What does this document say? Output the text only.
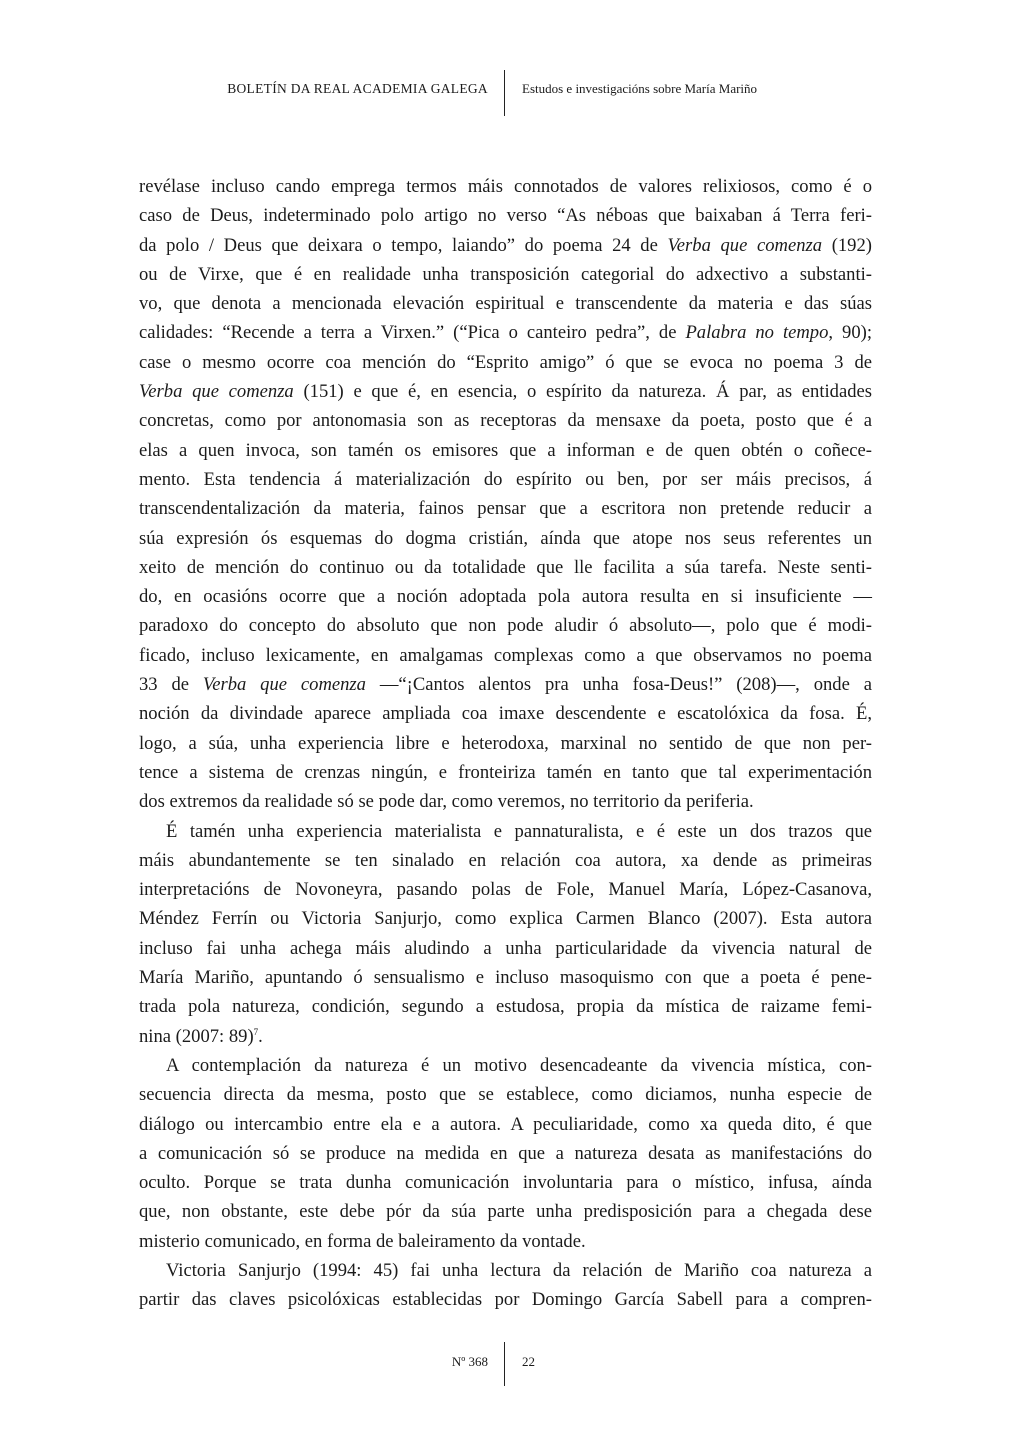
BOLETÍN DA REAL ACADEMIA GALEGA	Estudos e investigacións sobre María Mariño
revélase incluso cando emprega termos máis connotados de valores relixiosos, como é o
caso de Deus, indeterminado polo artigo no verso “As néboas que baixaban á Terra feri-
da polo / Deus que deixara o tempo, laiando” do poema 24 de Verba que comenza (192)
ou de Virxe, que é en realidade unha transposición categorial do adxectivo a substanti-
vo, que denota a mencionada elevación espiritual e transcendente da materia e das súas
calidades: “Recende a terra a Virxen.” (“Pica o canteiro pedra”, de Palabra no tempo, 90);
case o mesmo ocorre coa mención do “Esprito amigo” ó que se evoca no poema 3 de
Verba que comenza (151) e que é, en esencia, o espírito da natureza. Á par, as entidades
concretas, como por antonomasia son as receptoras da mensaxe da poeta, posto que é a
elas a quen invoca, son tamén os emisores que a informan e de quen obtén o coñece-
mento. Esta tendencia á materialización do espírito ou ben, por ser máis precisos, á
transcendentalización da materia, fainos pensar que a escritora non pretende reducir a
súa expresión ós esquemas do dogma cristián, aínda que atope nos seus referentes un
xeito de mención do continuo ou da totalidade que lle facilita a súa tarefa. Neste senti-
do, en ocasións ocorre que a noción adoptada pola autora resulta en si insuficiente —
paradoxo do concepto do absoluto que non pode aludir ó absoluto—, polo que é modi-
ficado, incluso lexicamente, en amalgamas complexas como a que observamos no poema
33 de Verba que comenza —“¡Cantos alentos pra unha fosa-Deus!” (208)—, onde a
noción da divindade aparece ampliada coa imaxe descendente e escatolóxica da fosa. É,
logo, a súa, unha experiencia libre e heterodoxa, marxinal no sentido de que non per-
tence a sistema de crenzas ningún, e fronteiriza tamén en tanto que tal experimentación
dos extremos da realidade só se pode dar, como veremos, no territorio da periferia.
É tamén unha experiencia materialista e pannaturalista, e é este un dos trazos que
máis abundantemente se ten sinalado en relación coa autora, xa dende as primeiras
interpretacións de Novoneyra, pasando polas de Fole, Manuel María, López-Casanova,
Méndez Ferrín ou Victoria Sanjurjo, como explica Carmen Blanco (2007). Esta autora
incluso fai unha achega máis aludindo a unha particularidade da vivencia natural de
María Mariño, apuntando ó sensualismo e incluso masoquismo con que a poeta é pene-
trada pola natureza, condición, segundo a estudosa, propia da mística de raizame femi-
nina (2007: 89)$^7$.
A contemplación da natureza é un motivo desencadeante da vivencia mística, con-
secuencia directa da mesma, posto que se establece, como diciamos, nunha especie de
diálogo ou intercambio entre ela e a autora. A peculiaridade, como xa queda dito, é que
a comunicación só se produce na medida en que a natureza desata as manifestacións do
oculto. Porque se trata dunha comunicación involuntaria para o místico, infusa, aínda
que, non obstante, este debe pór da súa parte unha predisposición para a chegada dese
misterio comunicado, en forma de baleiramento da vontade.
Victoria Sanjurjo (1994: 45) fai unha lectura da relación de Mariño coa natureza a
partir das claves psicolóxicas establecidas por Domingo García Sabell para a compren-
Nº 368	22
